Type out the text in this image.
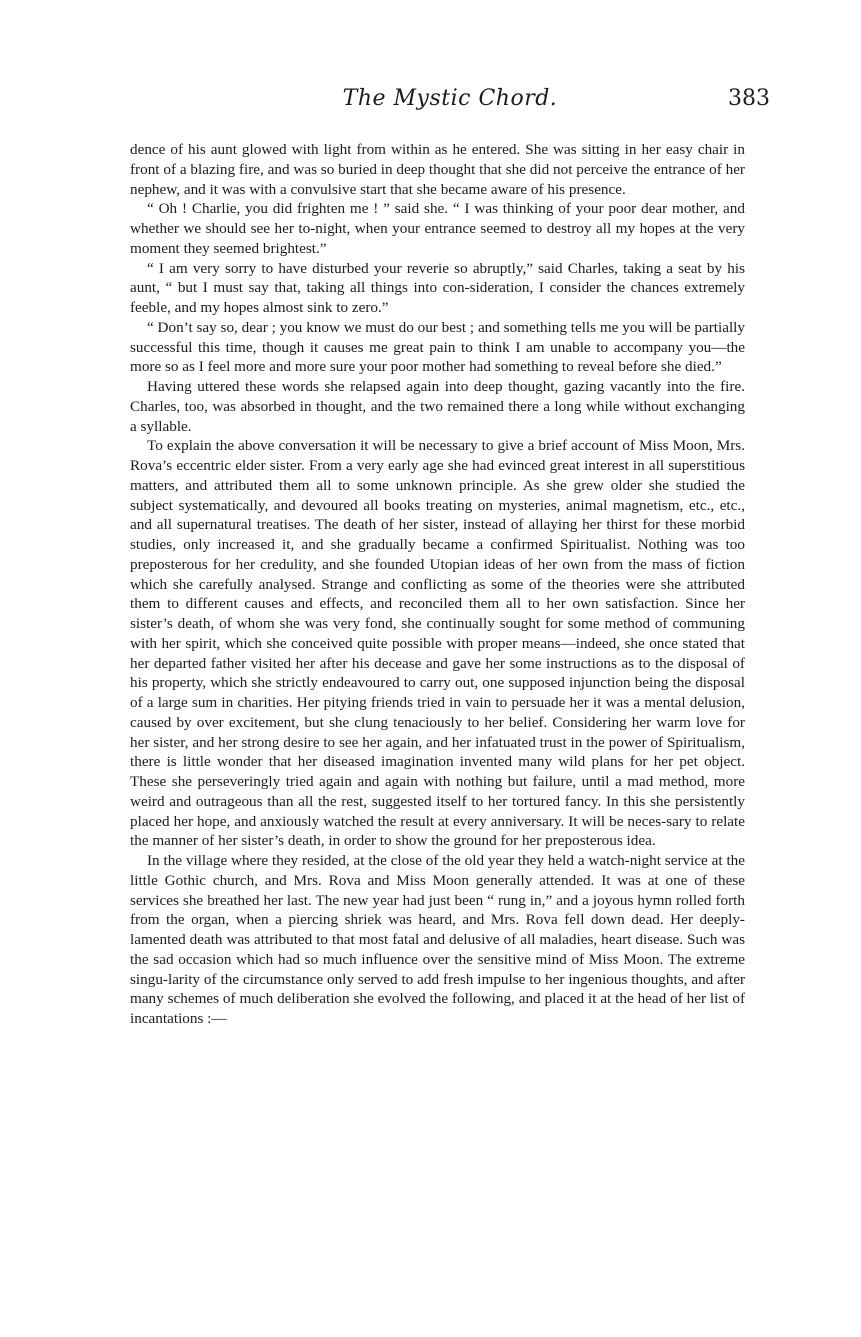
The Mystic Chord.	383

dence of his aunt glowed with light from within as he entered. She was sitting in her easy chair in front of a blazing fire, and was so buried in deep thought that she did not perceive the entrance of her nephew, and it was with a convulsive start that she became aware of his presence.

“ Oh ! Charlie, you did frighten me ! ” said she. “ I was thinking of your poor dear mother, and whether we should see her to-night, when your entrance seemed to destroy all my hopes at the very moment they seemed brightest.”

“ I am very sorry to have disturbed your reverie so abruptly,” said Charles, taking a seat by his aunt, “ but I must say that, taking all things into con-sideration, I consider the chances extremely feeble, and my hopes almost sink to zero.”

“ Don’t say so, dear ; you know we must do our best ; and something tells me you will be partially successful this time, though it causes me great pain to think I am unable to accompany you—the more so as I feel more and more sure your poor mother had something to reveal before she died.”

Having uttered these words she relapsed again into deep thought, gazing vacantly into the fire. Charles, too, was absorbed in thought, and the two remained there a long while without exchanging a syllable.

To explain the above conversation it will be necessary to give a brief account of Miss Moon, Mrs. Rova’s eccentric elder sister. From a very early age she had evinced great interest in all superstitious matters, and attributed them all to some unknown principle. As she grew older she studied the subject systematically, and devoured all books treating on mysteries, animal magnetism, etc., etc., and all supernatural treatises. The death of her sister, instead of allaying her thirst for these morbid studies, only increased it, and she gradually became a confirmed Spiritualist. Nothing was too preposterous for her credulity, and she founded Utopian ideas of her own from the mass of fiction which she carefully analysed. Strange and conflicting as some of the theories were she attributed them to different causes and effects, and reconciled them all to her own satisfaction. Since her sister’s death, of whom she was very fond, she continually sought for some method of communing with her spirit, which she conceived quite possible with proper means—indeed, she once stated that her departed father visited her after his decease and gave her some instructions as to the disposal of his property, which she strictly endeavoured to carry out, one supposed injunction being the disposal of a large sum in charities. Her pitying friends tried in vain to persuade her it was a mental delusion, caused by over excitement, but she clung tenaciously to her belief. Considering her warm love for her sister, and her strong desire to see her again, and her infatuated trust in the power of Spiritualism, there is little wonder that her diseased imagination invented many wild plans for her pet object. These she perseveringly tried again and again with nothing but failure, until a mad method, more weird and outrageous than all the rest, suggested itself to her tortured fancy. In this she persistently placed her hope, and anxiously watched the result at every anniversary. It will be neces-sary to relate the manner of her sister’s death, in order to show the ground for her preposterous idea.

In the village where they resided, at the close of the old year they held a watch-night service at the little Gothic church, and Mrs. Rova and Miss Moon generally attended. It was at one of these services she breathed her last. The new year had just been “ rung in,” and a joyous hymn rolled forth from the organ, when a piercing shriek was heard, and Mrs. Rova fell down dead. Her deeply-lamented death was attributed to that most fatal and delusive of all maladies, heart disease. Such was the sad occasion which had so much influence over the sensitive mind of Miss Moon. The extreme singu-larity of the circumstance only served to add fresh impulse to her ingenious thoughts, and after many schemes of much deliberation she evolved the following, and placed it at the head of her list of incantations :—
